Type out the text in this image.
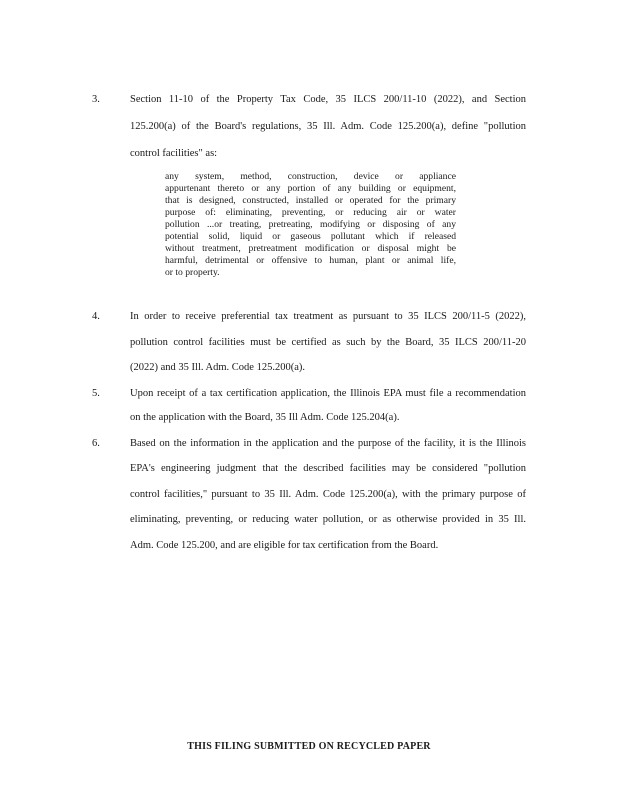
3.	Section 11-10 of the Property Tax Code, 35 ILCS 200/11-10 (2022), and Section
125.200(a) of the Board's regulations, 35 Ill. Adm. Code 125.200(a), define "pollution
control facilities" as:
any system, method, construction, device or appliance
appurtenant thereto or any portion of any building or equipment,
that is designed, constructed, installed or operated for the primary
purpose of: eliminating, preventing, or reducing air or water
pollution ...or treating, pretreating, modifying or disposing of any
potential solid, liquid or gaseous pollutant which if released
without treatment, pretreatment modification or disposal might be
harmful, detrimental or offensive to human, plant or animal life,
or to property.
4.	In order to receive preferential tax treatment as pursuant to 35 ILCS 200/11-5 (2022),
pollution control facilities must be certified as such by the Board, 35 ILCS 200/11-20
(2022) and 35 Ill. Adm. Code 125.200(a).
5.	Upon receipt of a tax certification application, the Illinois EPA must file a recommendation
on the application with the Board, 35 Ill Adm. Code 125.204(a).
6.	Based on the information in the application and the purpose of the facility, it is the Illinois
EPA's engineering judgment that the described facilities may be considered "pollution
control facilities," pursuant to 35 Ill. Adm. Code 125.200(a), with the primary purpose of
eliminating, preventing, or reducing water pollution, or as otherwise provided in 35 Ill.
Adm. Code 125.200, and are eligible for tax certification from the Board.
THIS FILING SUBMITTED ON RECYCLED PAPER
